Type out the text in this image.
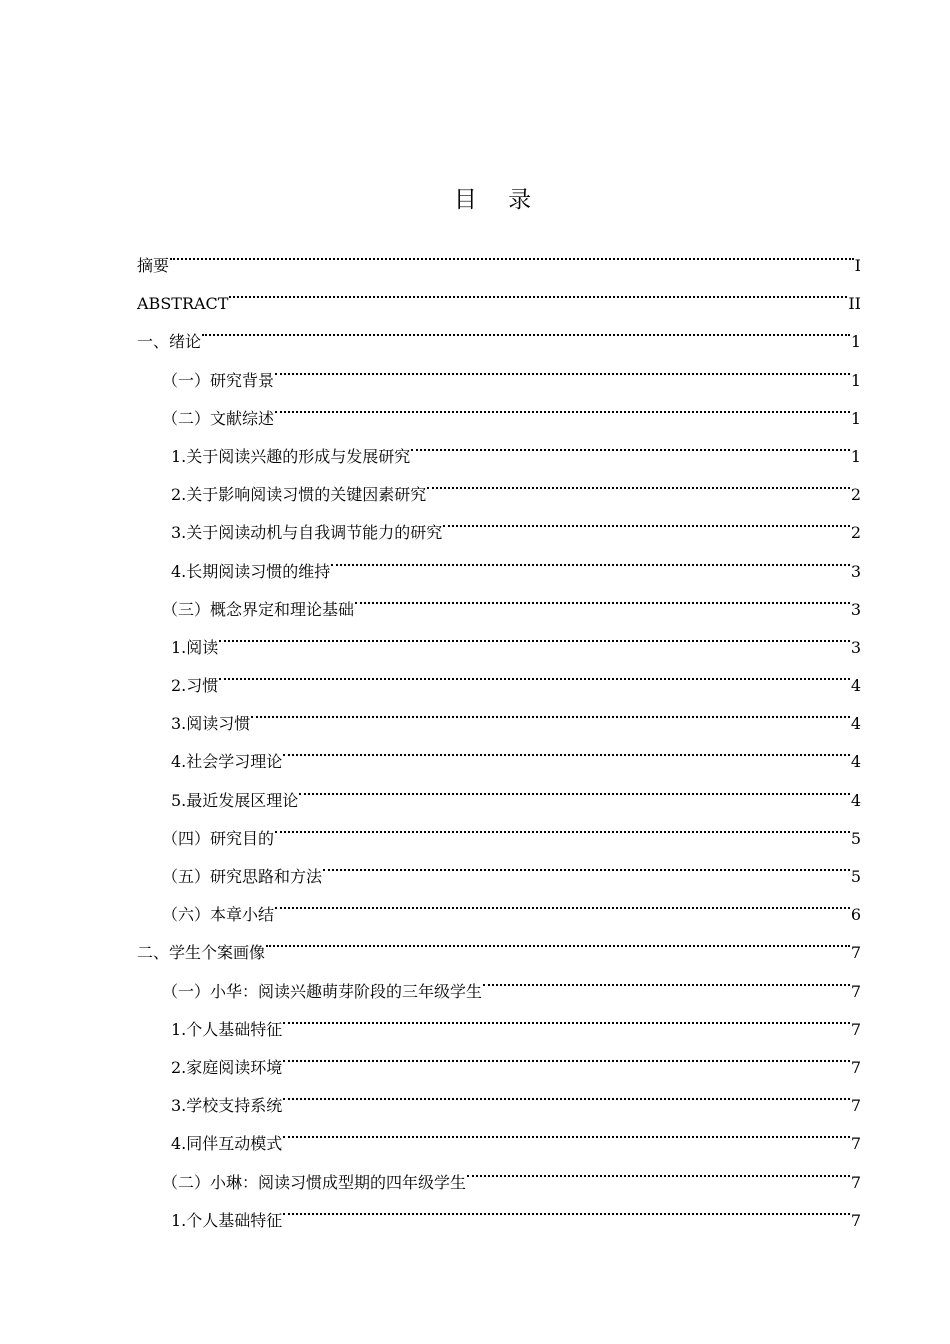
目 录
摘要	I
ABSTRACT	II
一、绪论	1
（一）研究背景	1
（二）文献综述	1
1.关于阅读兴趣的形成与发展研究	1
2.关于影响阅读习惯的关键因素研究	2
3.关于阅读动机与自我调节能力的研究	2
4.长期阅读习惯的维持	3
（三）概念界定和理论基础	3
1.阅读	3
2.习惯	4
3.阅读习惯	4
4.社会学习理论	4
5.最近发展区理论	4
（四）研究目的	5
（五）研究思路和方法	5
（六）本章小结	6
二、学生个案画像	7
（一）小华：阅读兴趣萌芽阶段的三年级学生	7
1.个人基础特征	7
2.家庭阅读环境	7
3.学校支持系统	7
4.同伴互动模式	7
（二）小琳：阅读习惯成型期的四年级学生	7
1.个人基础特征	7
